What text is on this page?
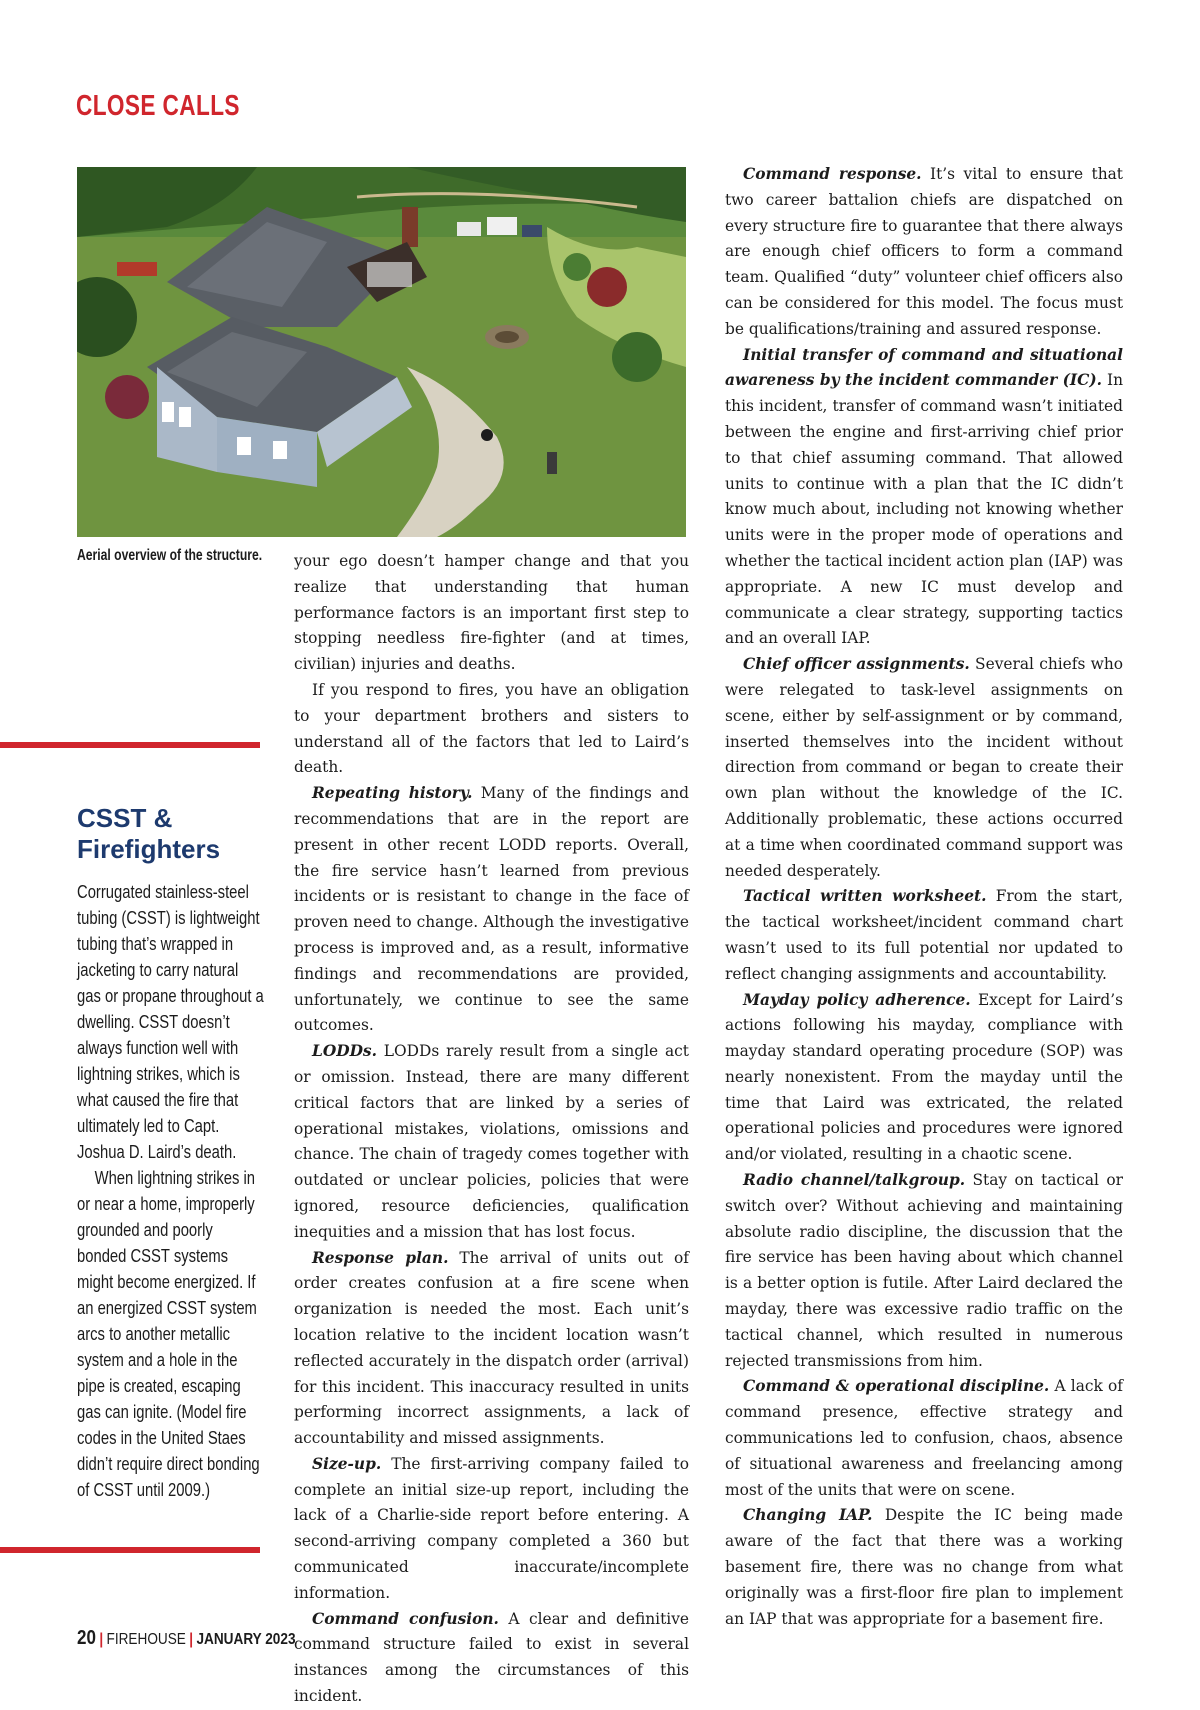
CLOSE CALLS
Aerial overview of the structure.
CSST &
Firefighters

Corrugated stainless-steel tubing (CSST) is lightweight tubing that’s wrapped in jacketing to carry natural gas or propane throughout a dwelling. CSST doesn’t always function well with lightning strikes, which is what caused the fire that ultimately led to Capt. Joshua D. Laird’s death.

When lightning strikes in or near a home, improperly grounded and poorly bonded CSST systems might become energized. If an energized CSST system arcs to another metallic system and a hole in the pipe is created, escaping gas can ignite. (Model fire codes in the United Staes didn’t require direct bonding of CSST until 2009.)

your ego doesn’t hamper change and that you realize that understanding that human performance factors is an important first step to stopping needless fire-fighter (and at times, civilian) injuries and deaths.

If you respond to fires, you have an obligation to your department brothers and sisters to understand all of the factors that led to Laird’s death.

Repeating history. Many of the findings and recommendations that are in the report are present in other recent LODD reports. Overall, the fire service hasn’t learned from previous incidents or is resistant to change in the face of proven need to change. Although the investigative process is improved and, as a result, informative findings and recommendations are provided, unfortunately, we continue to see the same outcomes.

LODDs. LODDs rarely result from a single act or omission. Instead, there are many different critical factors that are linked by a series of operational mistakes, violations, omissions and chance. The chain of tragedy comes together with outdated or unclear policies, policies that were ignored, resource deficiencies, qualification inequities and a mission that has lost focus.

Response plan. The arrival of units out of order creates confusion at a fire scene when organization is needed the most. Each unit’s location relative to the incident location wasn’t reflected accurately in the dispatch order (arrival) for this incident. This inaccuracy resulted in units performing incorrect assignments, a lack of accountability and missed assignments.

Size-up. The first-arriving company failed to complete an initial size-up report, including the lack of a Charlie-side report before entering. A second-arriving company completed a 360 but communicated inaccurate/incomplete information.

Command confusion. A clear and definitive command structure failed to exist in several instances among the circumstances of this incident.

Command response. It’s vital to ensure that two career battalion chiefs are dispatched on every structure fire to guarantee that there always are enough chief officers to form a command team. Qualified “duty” volunteer chief officers also can be considered for this model. The focus must be qualifications/training and assured response.

Initial transfer of command and situational awareness by the incident commander (IC). In this incident, transfer of command wasn’t initiated between the engine and first-arriving chief prior to that chief assuming command. That allowed units to continue with a plan that the IC didn’t know much about, including not knowing whether units were in the proper mode of operations and whether the tactical incident action plan (IAP) was appropriate. A new IC must develop and communicate a clear strategy, supporting tactics and an overall IAP.

Chief officer assignments. Several chiefs who were relegated to task-level assignments on scene, either by self-assignment or by command, inserted themselves into the incident without direction from command or began to create their own plan without the knowledge of the IC. Additionally problematic, these actions occurred at a time when coordinated command support was needed desperately.

Tactical written worksheet. From the start, the tactical worksheet/incident command chart wasn’t used to its full potential nor updated to reflect changing assignments and accountability.

Mayday policy adherence. Except for Laird’s actions following his mayday, compliance with mayday standard operating procedure (SOP) was nearly nonexistent. From the mayday until the time that Laird was extricated, the related operational policies and procedures were ignored and/or violated, resulting in a chaotic scene.

Radio channel/talkgroup. Stay on tactical or switch over? Without achieving and maintaining absolute radio discipline, the discussion that the fire service has been having about which channel is a better option is futile. After Laird declared the mayday, there was excessive radio traffic on the tactical channel, which resulted in numerous rejected transmissions from him.

Command & operational discipline. A lack of command presence, effective strategy and communications led to confusion, chaos, absence of situational awareness and freelancing among most of the units that were on scene.

Changing IAP. Despite the IC being made aware of the fact that there was a working basement fire, there was no change from what originally was a first-floor fire plan to implement an IAP that was appropriate for a basement fire.

20 | FIREHOUSE | JANUARY 2023
